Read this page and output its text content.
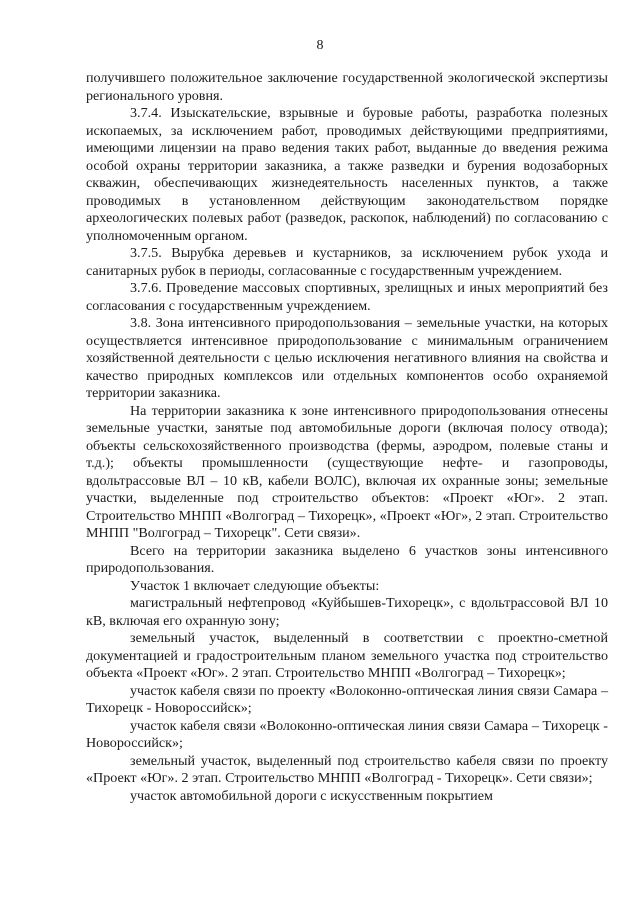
8

получившего положительное заключение государственной экологической экспертизы регионального уровня.

3.7.4. Изыскательские, взрывные и буровые работы, разработка полезных ископаемых, за исключением работ, проводимых действующими предприятиями, имеющими лицензии на право ведения таких работ, выданные до введения режима особой охраны территории заказника, а также разведки и бурения водозаборных скважин, обеспечивающих жизнедеятельность населенных пунктов, а также проводимых в установленном действующим законодательством порядке археологических полевых работ (разведок, раскопок, наблюдений) по согласованию с уполномоченным органом.

3.7.5. Вырубка деревьев и кустарников, за исключением рубок ухода и санитарных рубок в периоды, согласованные с государственным учреждением.

3.7.6. Проведение массовых спортивных, зрелищных и иных мероприятий без согласования с государственным учреждением.

3.8. Зона интенсивного природопользования – земельные участки, на которых осуществляется интенсивное природопользование с минимальным ограничением хозяйственной деятельности с целью исключения негативного влияния на свойства и качество природных комплексов или отдельных компонентов особо охраняемой территории заказника.

На территории заказника к зоне интенсивного природопользования отнесены земельные участки, занятые под автомобильные дороги (включая полосу отвода); объекты сельскохозяйственного производства (фермы, аэродром, полевые станы и т.д.); объекты промышленности (существующие нефте- и газопроводы, вдольтрассовые ВЛ – 10 кВ, кабели ВОЛС), включая их охранные зоны; земельные участки, выделенные под строительство объектов: «Проект «Юг». 2 этап. Строительство МНПП «Волгоград – Тихорецк», «Проект «Юг», 2 этап. Строительство МНПП "Волгоград – Тихорецк". Сети связи».

Всего на территории заказника выделено 6 участков зоны интенсивного природопользования.

Участок 1 включает следующие объекты:

магистральный нефтепровод «Куйбышев-Тихорецк», с вдольтрассовой ВЛ 10 кВ, включая его охранную зону;

земельный участок, выделенный в соответствии с проектно-сметной документацией и градостроительным планом земельного участка под строительство объекта «Проект «Юг». 2 этап. Строительство МНПП «Волгоград – Тихорецк»;

участок кабеля связи по проекту «Волоконно-оптическая линия связи Самара – Тихорецк - Новороссийск»;

участок кабеля связи «Волоконно-оптическая линия связи Самара – Тихорецк - Новороссийск»;

земельный участок, выделенный под строительство кабеля связи по проекту «Проект «Юг». 2 этап. Строительство МНПП «Волгоград - Тихорецк». Сети связи»;

участок автомобильной дороги с искусственным покрытием
